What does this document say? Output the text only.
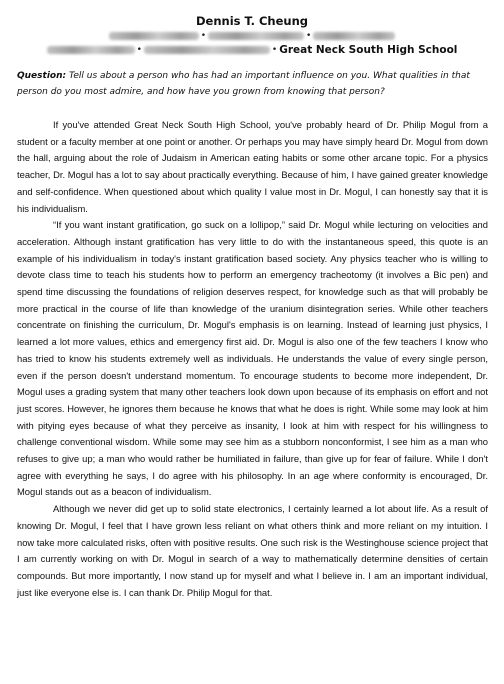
Dennis T. Cheung
•	•
•	• Great Neck South High School
Question: Tell us about a person who has had an important influence on you. What qualities in that person do you most admire, and how have you grown from knowing that person?

If you've attended Great Neck South High School, you've probably heard of Dr. Philip Mogul from a student or a faculty member at one point or another. Or perhaps you may have simply heard Dr. Mogul from down the hall, arguing about the role of Judaism in American eating habits or some other arcane topic. For a physics teacher, Dr. Mogul has a lot to say about practically everything. Because of him, I have gained greater knowledge and self-confidence. When questioned about which quality I value most in Dr. Mogul, I can honestly say that it is his individualism.

“If you want instant gratification, go suck on a lollipop,” said Dr. Mogul while lecturing on velocities and acceleration. Although instant gratification has very little to do with the instantaneous speed, this quote is an example of his individualism in today's instant gratification based society. Any physics teacher who is willing to devote class time to teach his students how to perform an emergency tracheotomy (it involves a Bic pen) and spend time discussing the foundations of religion deserves respect, for knowledge such as that will probably be more practical in the course of life than knowledge of the uranium disintegration series. While other teachers concentrate on finishing the curriculum, Dr. Mogul's emphasis is on learning. Instead of learning just physics, I learned a lot more values, ethics and emergency first aid. Dr. Mogul is also one of the few teachers I know who has tried to know his students extremely well as individuals. He understands the value of every single person, even if the person doesn't understand momentum. To encourage students to become more independent, Dr. Mogul uses a grading system that many other teachers look down upon because of its emphasis on effort and not just scores. However, he ignores them because he knows that what he does is right. While some may look at him with pitying eyes because of what they perceive as insanity, I look at him with respect for his willingness to challenge conventional wisdom. While some may see him as a stubborn nonconformist, I see him as a man who refuses to give up; a man who would rather be humiliated in failure, than give up for fear of failure. While I don't agree with everything he says, I do agree with his philosophy. In an age where conformity is encouraged, Dr. Mogul stands out as a beacon of individualism.

Although we never did get up to solid state electronics, I certainly learned a lot about life. As a result of knowing Dr. Mogul, I feel that I have grown less reliant on what others think and more reliant on my intuition. I now take more calculated risks, often with positive results. One such risk is the Westinghouse science project that I am currently working on with Dr. Mogul in search of a way to mathematically determine densities of certain compounds. But more importantly, I now stand up for myself and what I believe in. I am an important individual, just like everyone else is. I can thank Dr. Philip Mogul for that.
